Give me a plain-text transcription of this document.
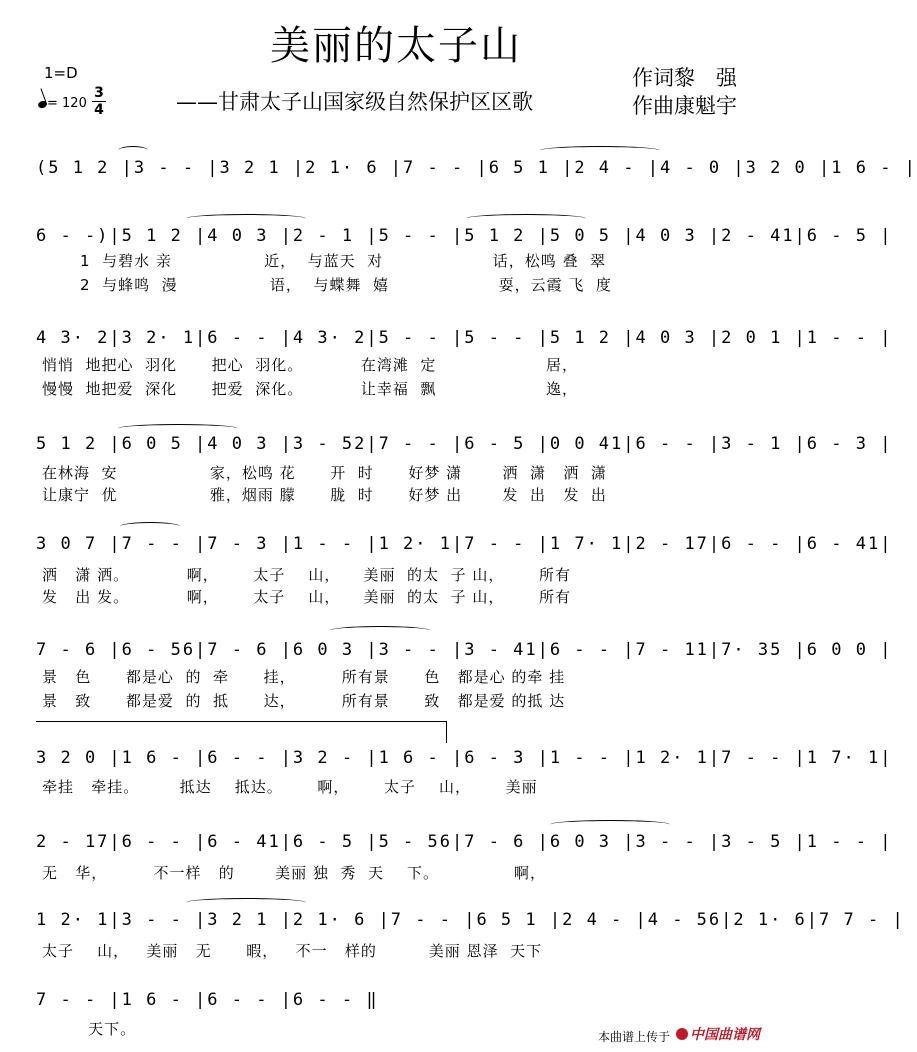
美丽的太子山
——甘肃太子山国家级自然保护区区歌
1=D

3
4

= 120
作词黎　强
作曲康魁宇
(5 1 2 |3 - - |3 2 1 |2 1· 6 |7 - - |6 5 1 |2 4 - |4 - 0 |3 2 0 |1 6 - |
6 - -)|5 1 2 |4 0 3 |2 - 1 |5 - - |5 1 2 |5 0 5 |4 0 3 |2 - 41|6 - 5 |
1  与碧水 亲                近，  与蓝天  对                   话，松鸣 叠  翠
2  与蜂鸣  漫                语，  与蝶舞  嬉                   耍，云霞 飞  度
4 3· 2|3 2· 1|6 - - |4 3· 2|5 - - |5 - - |5 1 2 |4 0 3 |2 0 1 |1 - - |
悄悄  地把心  羽化      把心  羽化。          在湾滩  定                   居，
慢慢  地把爱  深化      把爱  深化。          让幸福  飘                   逸，
5 1 2 |6 0 5 |4 0 3 |3 - 52|7 - - |6 - 5 |0 0 41|6 - - |3 - 1 |6 - 3 |
在林海  安                家，松鸣 花      开  时      好梦 潇       洒  潇   洒  潇
让康宁  优                雅，烟雨 朦      胧  时      好梦 出       发  出   发  出
3 0 7 |7 - - |7 - 3 |1 - - |1 2· 1|7 - - |1 7· 1|2 - 17|6 - - |6 - 41|
洒   潇 洒。          啊，      太子    山，    美丽  的太  子 山，      所有
发   出 发。          啊，      太子    山，    美丽  的太  子 山，      所有
7 - 6 |6 - 56|7 - 6 |6 0 3 |3 - - |3 - 41|6 - - |7 - 11|7· 35 |6 0 0 |
景   色      都是心  的  牵      挂，        所有景      色   都是心 的牵 挂
景   致      都是爱  的  抵      达，        所有景      致   都是爱 的抵 达
3 2 0 |1 6 - |6 - - |3 2 - |1 6 - |6 - 3 |1 - - |1 2· 1|7 - - |1 7· 1|
牵挂   牵挂。       抵达    抵达。      啊，      太子    山，      美丽
2 - 17|6 - - |6 - 41|6 - 5 |5 - 56|7 - 6 |6 0 3 |3 - - |3 - 5 |1 - - |
无   华，        不一样   的       美丽 独  秀  天    下。             啊，
1 2· 1|3 - - |3 2 1 |2 1· 6 |7 - - |6 5 1 |2 4 - |4 - 56|2 1· 6|7 7 - |
太子    山，   美丽   无      暇，   不一   样的         美丽 恩泽  天下
7 - - |1 6 - |6 - - |6 - - ‖
天下。	本曲谱上传于	中国曲谱网
